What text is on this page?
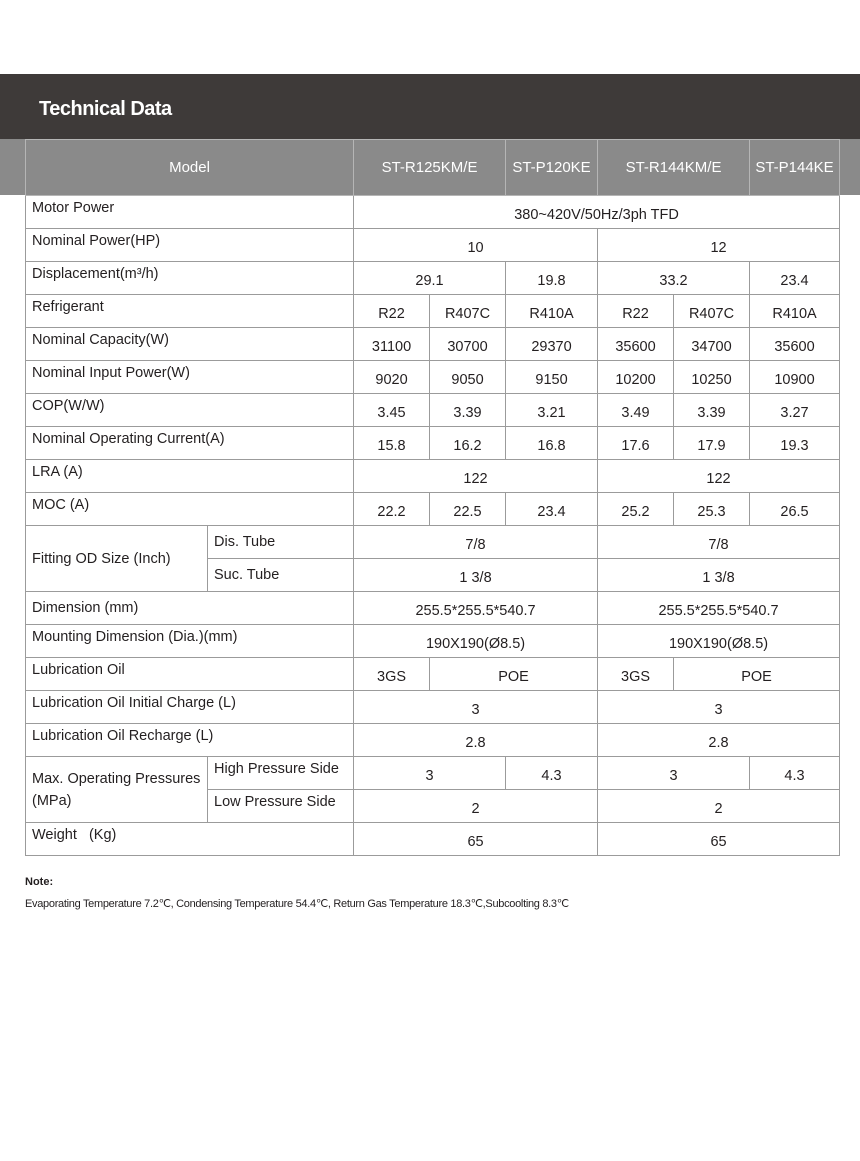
Technical Data
Model		ST-R125KM/E		ST-P120KE	ST-R144KM/E		ST-P144KE
Motor Power		380~420V/50Hz/3ph TFD					
Nominal Power(HP)		10			12		
Displacement(m³/h)		29.1		19.8	33.2		23.4
Refrigerant		R22	R407C	R410A	R22	R407C	R410A
Nominal Capacity(W)		31100	30700	29370	35600	34700	35600
Nominal Input Power(W)		9020	9050	9150	10200	10250	10900
COP(W/W)		3.45	3.39	3.21	3.49	3.39	3.27
Nominal Operating Current(A)		15.8	16.2	16.8	17.6	17.9	19.3
LRA (A)		122			122		
MOC (A)		22.2	22.5	23.4	25.2	25.3	26.5
Fitting OD Size (Inch)	Dis. Tube	7/8			7/8		
	Suc. Tube	1 3/8			1 3/8		
Dimension (mm)		255.5*255.5*540.7			255.5*255.5*540.7		
Mounting Dimension (Dia.)(mm)		190X190(Ø8.5)			190X190(Ø8.5)		
Lubrication Oil		3GS	POE		3GS	POE	
Lubrication Oil Initial Charge (L)		3			3		
Lubrication Oil Recharge (L)		2.8			2.8		
Max. Operating Pressures
(MPa)	High Pressure Side	3		4.3	3		4.3
	Low Pressure Side	2			2		
Weight   (Kg)		65			65		
Note:
Evaporating Temperature 7.2℃, Condensing Temperature 54.4℃, Return Gas Temperature 18.3℃,Subcoolting 8.3℃
